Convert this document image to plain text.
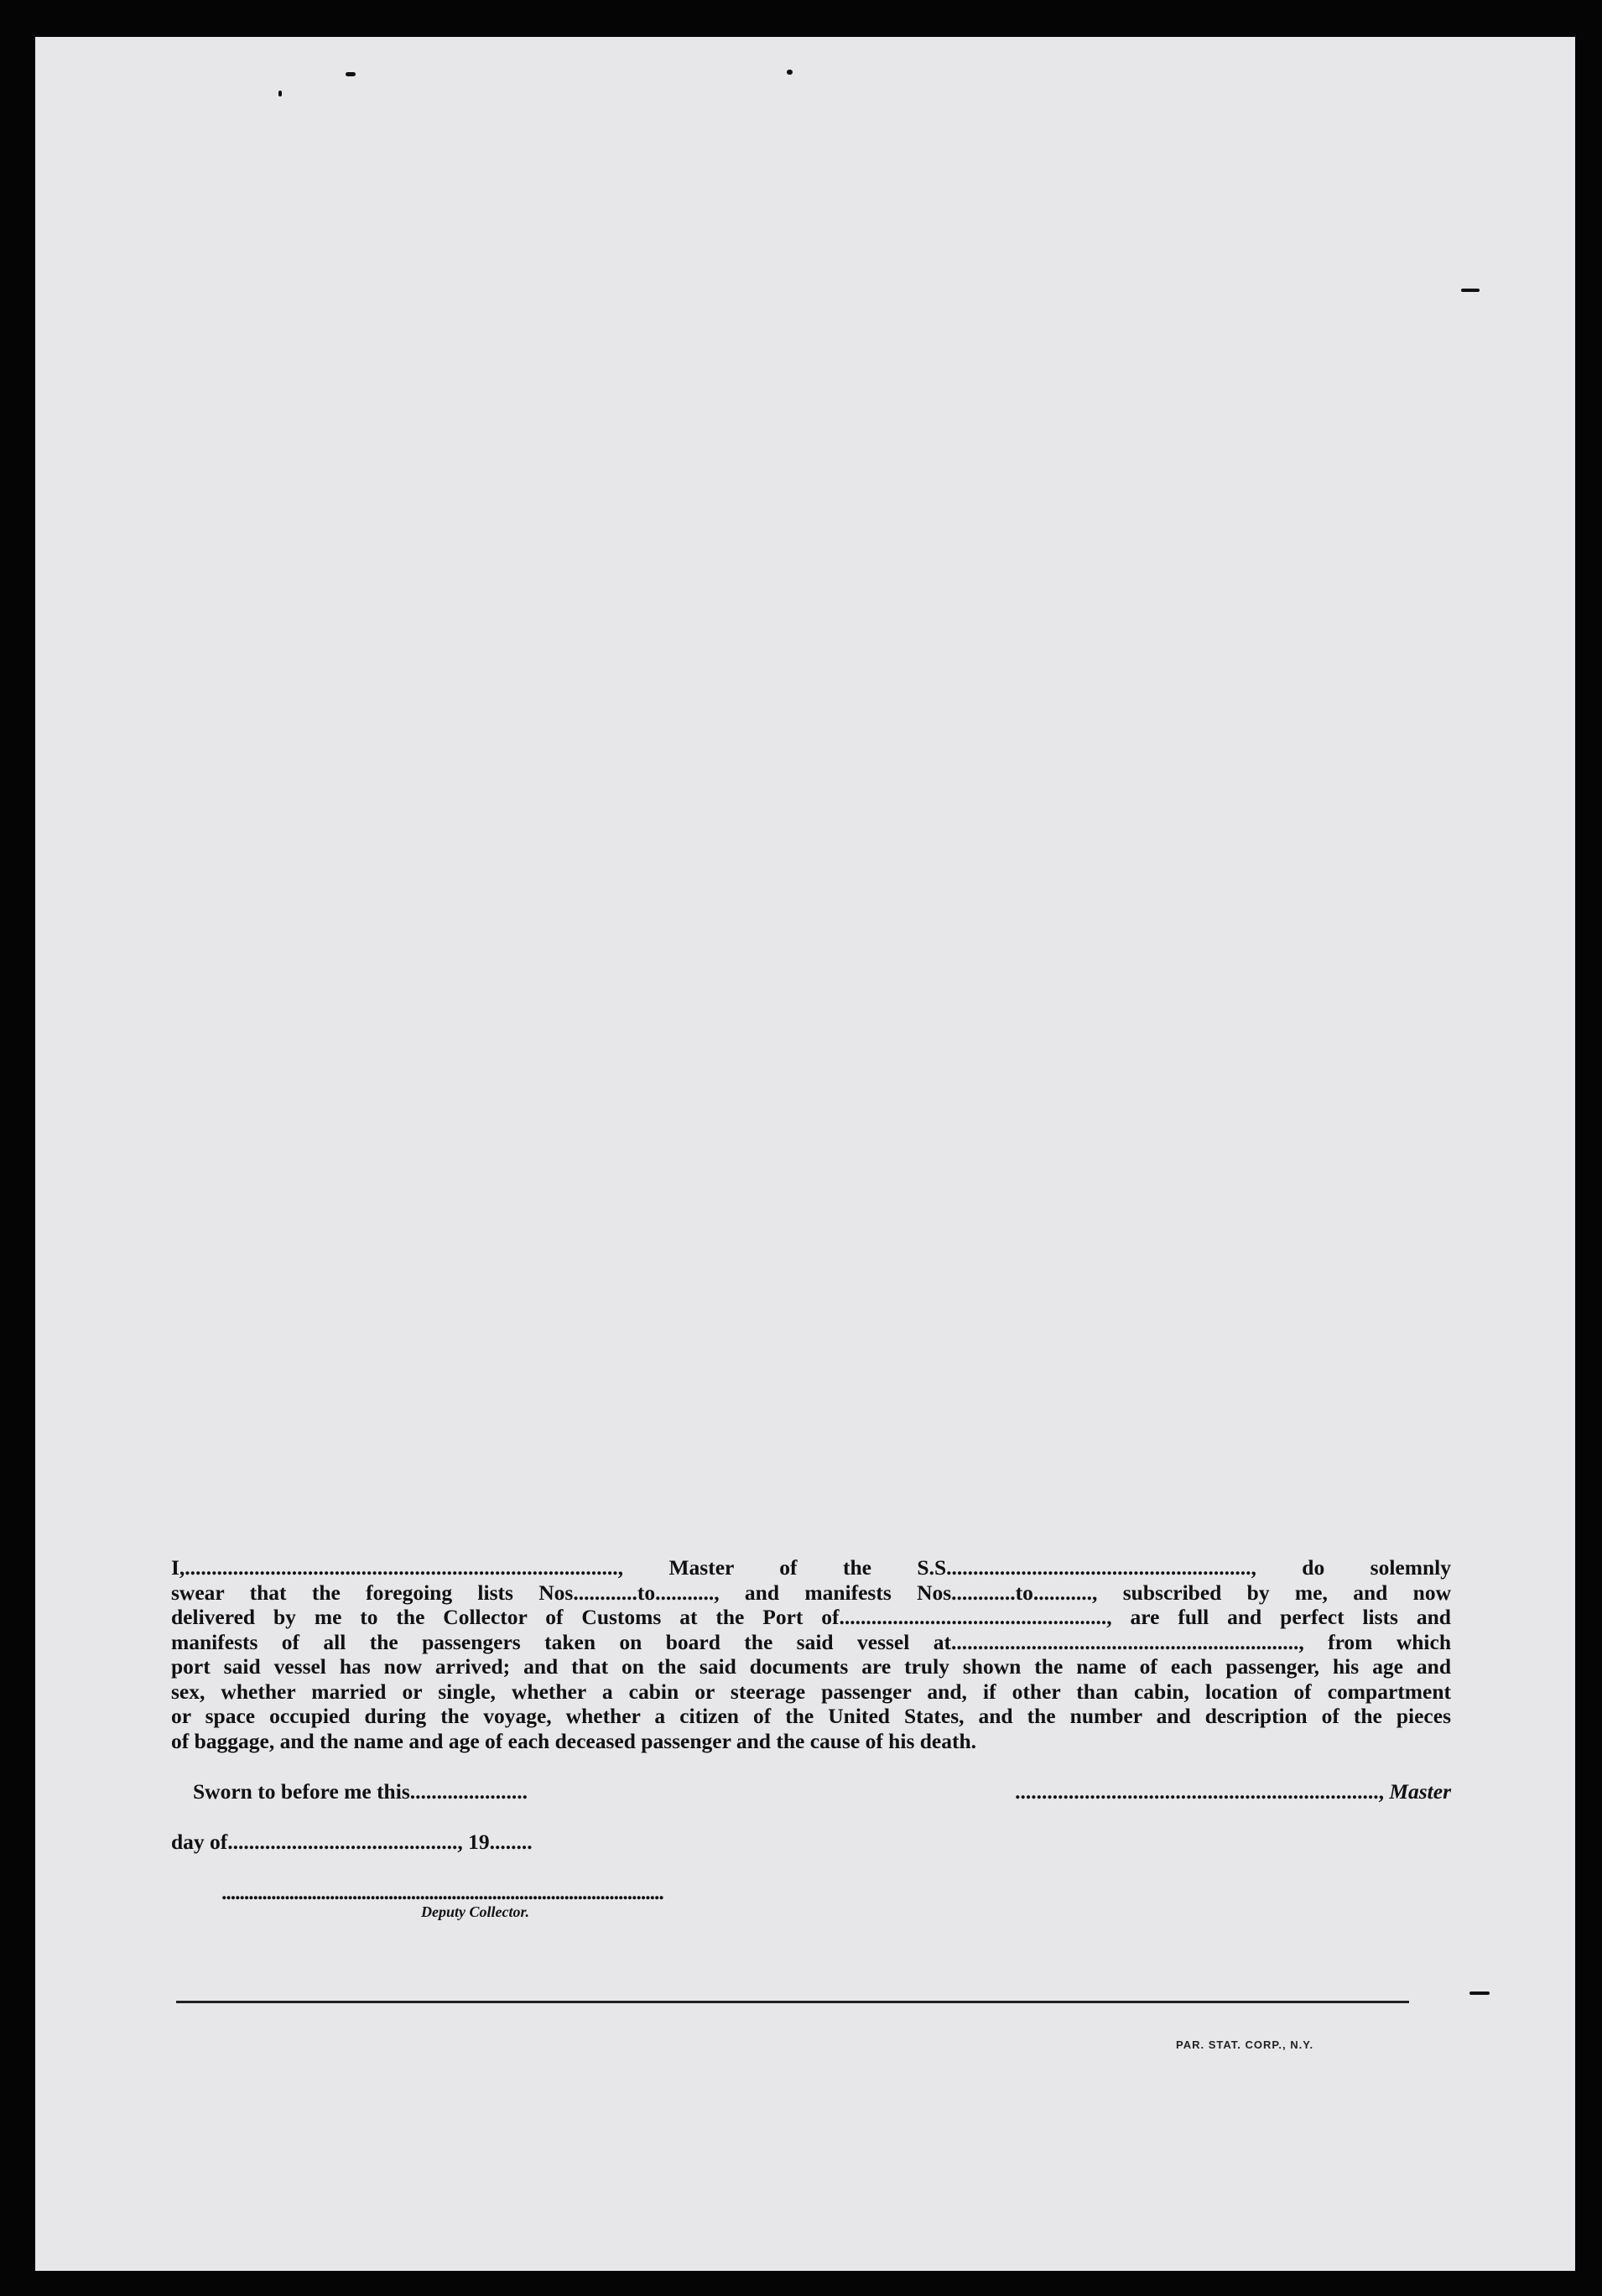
I,................................................................................., Master of the S.S........................................................., do solemnly

swear that the foregoing lists Nos............to..........., and manifests Nos............to..........., subscribed by me, and now

delivered by me to the Collector of Customs at the Port of.................................................., are full and perfect lists and

manifests of all the passengers taken on board the said vessel at................................................................., from which

port said vessel has now arrived; and that on the said documents are truly shown the name of each passenger, his age and

sex, whether married or single, whether a cabin or steerage passenger and, if other than cabin, location of compartment

or space occupied during the voyage, whether a citizen of the United States, and the number and description of the pieces

of baggage, and the name and age of each deceased passenger and the cause of his death.

Sworn to before me this......................	...................................................................., Master
day of..........................................., 19........
..................................................................................................
Deputy Collector.
PAR. STAT. CORP., N.Y.
